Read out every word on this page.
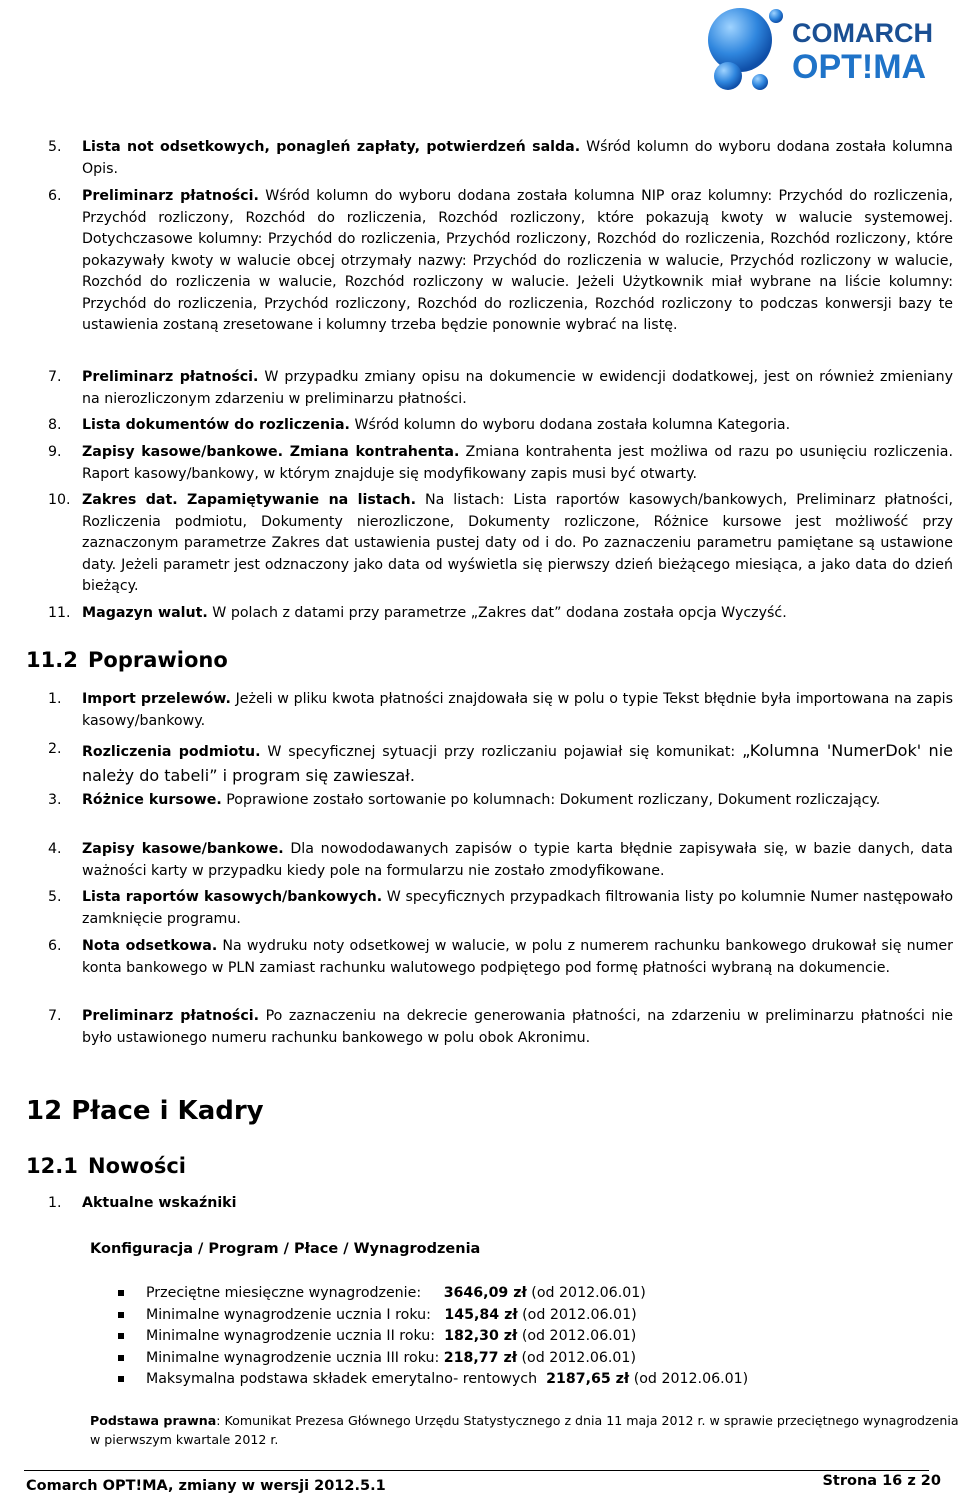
COMARCH
OPT!MA
5.	Lista not odsetkowych, ponagleń zapłaty, potwierdzeń salda. Wśród kolumn do wyboru dodana została kolumna Opis.
6.	Preliminarz płatności. Wśród kolumn do wyboru dodana została kolumna NIP oraz kolumny: Przychód do rozliczenia, Przychód rozliczony, Rozchód do rozliczenia, Rozchód rozliczony, które pokazują kwoty w walucie systemowej. Dotychczasowe kolumny: Przychód do rozliczenia, Przychód rozliczony, Rozchód do rozliczenia, Rozchód rozliczony, które pokazywały kwoty w walucie obcej otrzymały nazwy: Przychód do rozliczenia w walucie, Przychód rozliczony w walucie, Rozchód do rozliczenia w walucie, Rozchód rozliczony w walucie. Jeżeli Użytkownik miał wybrane na liście kolumny: Przychód do rozliczenia, Przychód rozliczony, Rozchód do rozliczenia, Rozchód rozliczony to podczas konwersji bazy te ustawienia zostaną zresetowane i kolumny trzeba będzie ponownie wybrać na listę.
7.	Preliminarz płatności. W przypadku zmiany opisu na dokumencie w ewidencji dodatkowej, jest on również zmieniany na nierozliczonym zdarzeniu w preliminarzu płatności.
8.	Lista dokumentów do rozliczenia. Wśród kolumn do wyboru dodana została kolumna Kategoria.
9.	Zapisy kasowe/bankowe. Zmiana kontrahenta. Zmiana kontrahenta jest możliwa od razu po usunięciu rozliczenia. Raport kasowy/bankowy, w którym znajduje się modyfikowany zapis musi być otwarty.
10. Zakres dat. Zapamiętywanie na listach. Na listach: Lista raportów kasowych/bankowych, Preliminarz płatności, Rozliczenia podmiotu, Dokumenty nierozliczone, Dokumenty rozliczone, Różnice kursowe jest możliwość przy zaznaczonym parametrze Zakres dat ustawienia pustej daty od i do. Po zaznaczeniu parametru pamiętane są ustawione daty. Jeżeli parametr jest odznaczony jako data od wyświetla się pierwszy dzień bieżącego miesiąca, a jako data do dzień bieżący.
11. Magazyn walut. W polach z datami przy parametrze „Zakres dat” dodana została opcja Wyczyść.
11.2 Poprawiono
1.	Import przelewów. Jeżeli w pliku kwota płatności znajdowała się w polu o typie Tekst błędnie była importowana na zapis kasowy/bankowy.
2.	Rozliczenia podmiotu. W specyficznej sytuacji przy rozliczaniu pojawiał się komunikat: „Kolumna 'NumerDok' nie należy do tabeli” i program się zawieszał.
3.	Różnice kursowe. Poprawione zostało sortowanie po kolumnach: Dokument rozliczany, Dokument rozliczający.
4.	Zapisy kasowe/bankowe. Dla nowododawanych zapisów o typie karta błędnie zapisywała się, w bazie danych, data ważności karty w przypadku kiedy pole na formularzu nie zostało zmodyfikowane.
5.	Lista raportów kasowych/bankowych. W specyficznych przypadkach filtrowania listy po kolumnie Numer następowało zamknięcie programu.
6.	Nota odsetkowa. Na wydruku noty odsetkowej w walucie, w polu z numerem rachunku bankowego drukował się numer konta bankowego w PLN zamiast rachunku walutowego podpiętego pod formę płatności wybraną na dokumencie.
7.	Preliminarz płatności. Po zaznaczeniu na dekrecie generowania płatności, na zdarzeniu w preliminarzu płatności nie było ustawionego numeru rachunku bankowego w polu obok Akronimu.
12 Płace i Kadry
12.1 Nowości
1.	Aktualne wskaźniki
Konfiguracja / Program / Płace / Wynagrodzenia
Przeciętne miesięczne wynagrodzenie: 3646,09 zł (od 2012.06.01)
Minimalne wynagrodzenie ucznia I roku: 145,84 zł (od 2012.06.01)
Minimalne wynagrodzenie ucznia II roku: 182,30 zł (od 2012.06.01)
Minimalne wynagrodzenie ucznia III roku: 218,77 zł (od 2012.06.01)
Maksymalna podstawa składek emerytalno- rentowych 2187,65 zł (od 2012.06.01)
Podstawa prawna: Komunikat Prezesa Głównego Urzędu Statystycznego z dnia 11 maja 2012 r. w sprawie przeciętnego wynagrodzenia w pierwszym kwartale 2012 r.
Comarch OPT!MA, zmiany w wersji 2012.5.1	Strona 16 z 20
